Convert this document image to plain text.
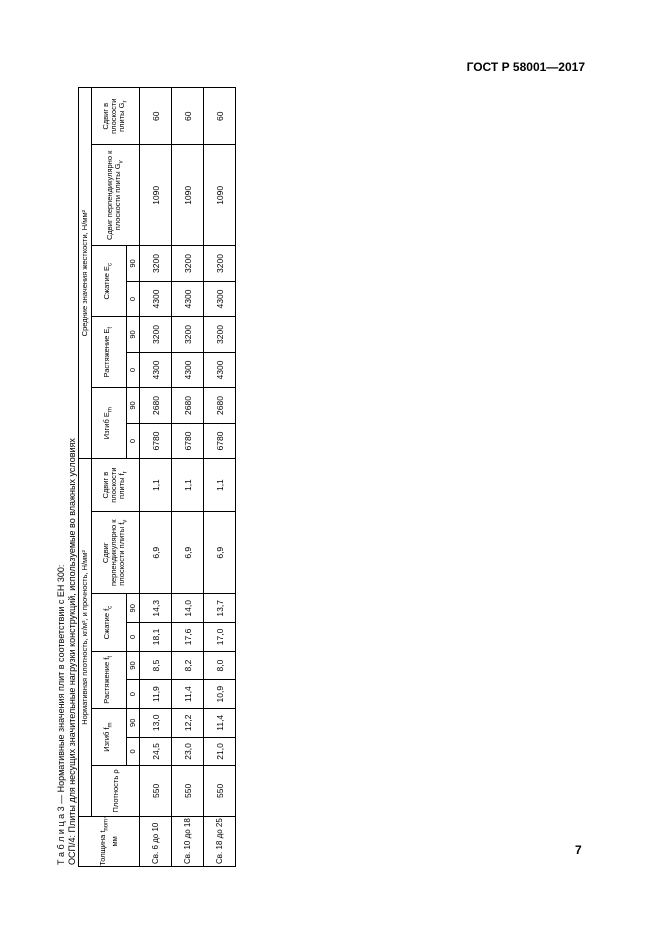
ГОСТ Р 58001—2017
7
Т а б л и ц а 3 — Нормативные значения плит в соответствии с ЕН 300: ОСП/4: Плиты для несущих значительные нагрузки конструкций, используемые во влажных условиях	Толщина $t_{nom}$, мм	Нормативная плотность, кг/м³, и прочность, Н/мм²									Средние значения жесткости, Н/мм²							
	Плотность ρ	Изгиб $f_m$		Растяжение $f_t$		Сжатие $f_c$		Сдвиг перпендикулярно к плоскости плиты $f_v$	Сдвиг в плоскости плиты $f_r$	Изгиб $E_m$		Растяжение $E_t$		Сжатие $E_c$		Сдвиг перпендикулярно к плоскости плиты $G_v$	Сдвиг в плоскости плиты $G_r$
		0	90	0	90	0	90			0	90	0	90	0	90		
Св. 6 до 10	550	24,5	13,0	11,9	8,5	18,1	14,3	6,9	1,1	6780	2680	4300	3200	4300	3200	1090	60
Св. 10 до 18	550	23,0	12,2	11,4	8,2	17,6	14,0	6,9	1,1	6780	2680	4300	3200	4300	3200	1090	60
Св. 18 до 25	550	21,0	11,4	10,9	8,0	17,0	13,7	6,9	1,1	6780	2680	4300	3200	4300	3200	1090	60
